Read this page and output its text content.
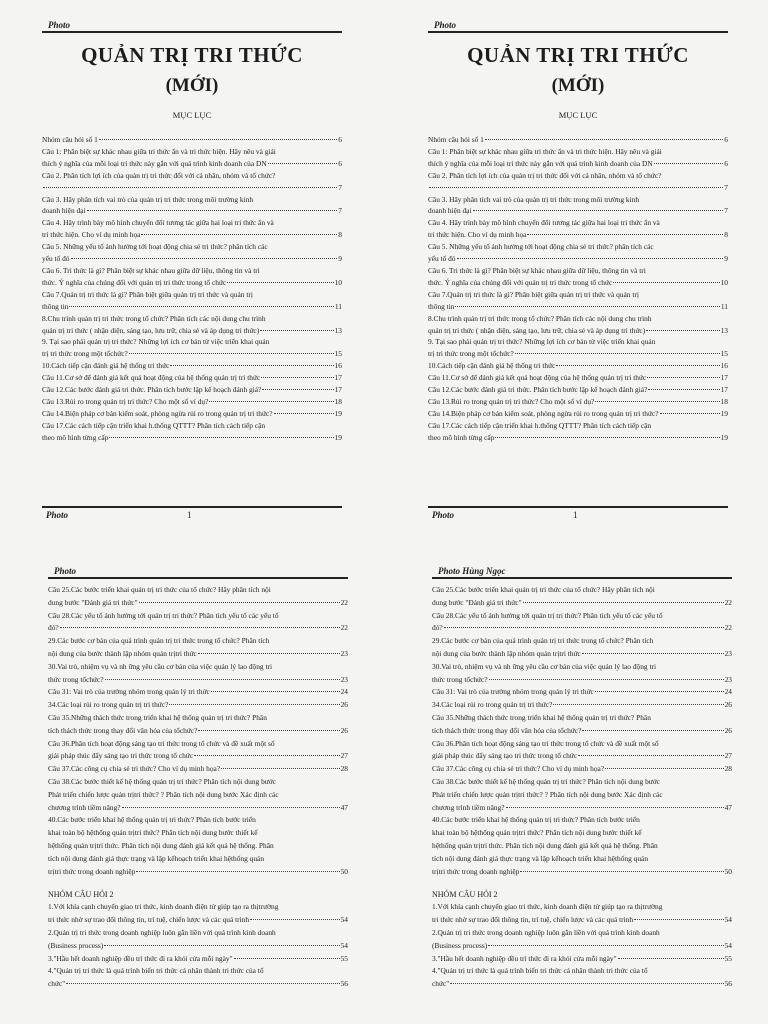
Photo
QUẢN TRỊ TRI THỨC
(MỚI)
MỤC LỤC
Nhóm câu hỏi số 1	6
Câu 1: Phân biệt sự khác nhau giữa tri thức ẩn và tri thức hiện. Hãy nêu và giải
thích ý nghĩa của mỗi loại tri thức này gắn với quá trình kinh doanh của DN	6
Câu 2. Phân tích lợi ích của quản trị tri thức đối với cá nhân, nhóm và tổ chức?
7
Câu 3. Hãy phân tích vai trò của quản trị tri thức trong môi trường kinh
doanh hiện đại	7
Câu 4. Hãy trình bày mô hình chuyển đổi tương tác giữa hai loại tri thức ẩn và
tri thức hiện. Cho ví dụ minh họa	8
Câu 5. Những yếu tố ảnh hưởng tới hoạt động chia sẻ tri thức? phân tích các
yếu tố đó	9
Câu 6. Tri thức là gì? Phân biệt sự khác nhau giữa dữ liệu, thông tin và tri
thức. Ý nghĩa của chúng đối với quản trị tri thức trong tổ chức	10
Câu 7.Quản trị tri thức là gì? Phân biệt giữa quản trị tri thức và quản trị
thông tin	11
8.Chu trình quản trị tri thức trong tổ chức? Phân tích các nội dung chu trình
quản trị tri thức ( nhận diện, sáng tạo, lưu trữ, chia sẻ và áp dụng tri thức)	13
9. Tại sao phải quản trị tri thức? Những lợi ích cơ bản từ việc triển khai quản
trị tri thức trong một tổchức?	15
10.Cách tiếp cận đánh giá hệ thống tri thức	16
Câu 11.Cơ sở để đánh giá kết quả hoạt động của hệ thống quản trị tri thức	17
Câu 12.Các bước đánh giá tri thức. Phân tích bước lập kế hoạch đánh giá?	17
Câu 13.Rủi ro trong quản trị tri thức? Cho một số ví dụ?	18
Câu 14.Biện pháp cơ bản kiểm soát, phòng ngừa rủi ro trong quản trị tri thức?	19
Câu 17.Các cách tiếp cận triển khai h.thống QTTT? Phân tích cách tiếp cận
theo mô hình từng cấp	19
Photo	1
Photo
QUẢN TRỊ TRI THỨC
(MỚI)
MỤC LỤC
Nhóm câu hỏi số 1	6
Câu 1: Phân biệt sự khác nhau giữa tri thức ẩn và tri thức hiện. Hãy nêu và giải
thích ý nghĩa của mỗi loại tri thức này gắn với quá trình kinh doanh của DN	6
Câu 2. Phân tích lợi ích của quản trị tri thức đối với cá nhân, nhóm và tổ chức?
7
Câu 3. Hãy phân tích vai trò của quản trị tri thức trong môi trường kinh
doanh hiện đại	7
Câu 4. Hãy trình bày mô hình chuyển đổi tương tác giữa hai loại tri thức ẩn và
tri thức hiện. Cho ví dụ minh họa	8
Câu 5. Những yếu tố ảnh hưởng tới hoạt động chia sẻ tri thức? phân tích các
yếu tố đó	9
Câu 6. Tri thức là gì? Phân biệt sự khác nhau giữa dữ liệu, thông tin và tri
thức. Ý nghĩa của chúng đối với quản trị tri thức trong tổ chức	10
Câu 7.Quản trị tri thức là gì? Phân biệt giữa quản trị tri thức và quản trị
thông tin	11
8.Chu trình quản trị tri thức trong tổ chức? Phân tích các nội dung chu trình
quản trị tri thức ( nhận diện, sáng tạo, lưu trữ, chia sẻ và áp dụng tri thức)	13
9. Tại sao phải quản trị tri thức? Những lợi ích cơ bản từ việc triển khai quản
trị tri thức trong một tổchức?	15
10.Cách tiếp cận đánh giá hệ thống tri thức	16
Câu 11.Cơ sở để đánh giá kết quả hoạt động của hệ thống quản trị tri thức	17
Câu 12.Các bước đánh giá tri thức. Phân tích bước lập kế hoạch đánh giá?	17
Câu 13.Rủi ro trong quản trị tri thức? Cho một số ví dụ?	18
Câu 14.Biện pháp cơ bản kiểm soát, phòng ngừa rủi ro trong quản trị tri thức?	19
Câu 17.Các cách tiếp cận triển khai h.thống QTTT? Phân tích cách tiếp cận
theo mô hình từng cấp	19
Photo	1
Photo
Câu 25.Các bước triển khai quản trị tri thức của tổ chức? Hãy phân tích nội
dung bước "Đánh giá tri thức"	22
Câu 28.Các yếu tố ảnh hưởng tới quản trị tri thức? Phân tích yếu tố các yếu tố
đó?	22
29.Các bước cơ bản của quá trình quản trị tri thức trong tổ chức? Phân tích
nội dung của bước thành lập nhóm quản trịtri thức	23
30.Vai trò, nhiệm vụ và nh ững yêu cầu cơ bản của việc quản lý lao động tri
thức trong tổchức?	23
Câu 31: Vai trò của trưởng nhóm trong quản lý tri thức	24
34.Các loại rủi ro trong quản trị tri thức?	26
Câu 35.Những thách thức trong triển khai hệ thống quản trị tri thức? Phân
tích thách thức trong thay đổi văn hóa của tổchức?	26
Câu 36.Phân tích hoạt động sáng tạo tri thức trong tổ chức và đề xuất một số
giải pháp thúc đẩy sáng tạo tri thức trong tổ chức	27
Câu 37.Các công cụ chia sẻ tri thức? Cho ví dụ minh họa?	28
Câu 38.Các bước thiết kế hệ thống quản trị tri thức? Phân tích nội dung bước
Phát triển chiến lược quản trịtri thức? ? Phân tích nội dung bước Xác định các
chương trình tiềm năng?	47
40.Các bước triển khai hệ thống quản trị tri thức? Phân tích bước triển
khai toàn bộ hệthống quản trịtri thức? Phân tích nội dung bước thiết kế
hệthống quản trịtri thức. Phân tích nội dung đánh giá kết quả hệ thống. Phân
tích nội dung đánh giá thực trạng và lập kếhoạch triển khai hệthống quản
trịtri thức trong doanh nghiệp	50
NHÓM CÂU HỎI 2
1.Với khía cạnh chuyển giao tri thức, kinh doanh điện tử giúp tạo ra thịtrường
tri thức nhờ sự trao đổi thông tin, trí tuệ, chiến lược và các quá trình	54
2.Quản trị tri thức trong doanh nghiệp luôn gắn liền với quá trình kinh doanh
(Business process)	54
3."Hầu hết doanh nghiệp đều trì thức đi ra khỏi cửa mỗi ngày"	55
4."Quản trị tri thức là quá trình biến tri thức cá nhân thành tri thức của tổ
chức"	56
Photo Hùng Ngọc
Câu 25.Các bước triển khai quản trị tri thức của tổ chức? Hãy phân tích nội
dung bước "Đánh giá tri thức"	22
Câu 28.Các yếu tố ảnh hưởng tới quản trị tri thức? Phân tích yếu tố các yếu tố
đó?	22
29.Các bước cơ bản của quá trình quản trị tri thức trong tổ chức? Phân tích
nội dung của bước thành lập nhóm quản trịtri thức	23
30.Vai trò, nhiệm vụ và nh ững yêu cầu cơ bản của việc quản lý lao động tri
thức trong tổchức?	23
Câu 31: Vai trò của trưởng nhóm trong quản lý tri thức	24
34.Các loại rủi ro trong quản trị tri thức?	26
Câu 35.Những thách thức trong triển khai hệ thống quản trị tri thức? Phân
tích thách thức trong thay đổi văn hóa của tổchức?	26
Câu 36.Phân tích hoạt động sáng tạo tri thức trong tổ chức và đề xuất một số
giải pháp thúc đẩy sáng tạo tri thức trong tổ chức	27
Câu 37.Các công cụ chia sẻ tri thức? Cho ví dụ minh họa?	28
Câu 38.Các bước thiết kế hệ thống quản trị tri thức? Phân tích nội dung bước
Phát triển chiến lược quản trịtri thức? ? Phân tích nội dung bước Xác định các
chương trình tiềm năng?	47
40.Các bước triển khai hệ thống quản trị tri thức? Phân tích bước triển
khai toàn bộ hệthống quản trịtri thức? Phân tích nội dung bước thiết kế
hệthống quản trịtri thức. Phân tích nội dung đánh giá kết quả hệ thống. Phân
tích nội dung đánh giá thực trạng và lập kếhoạch triển khai hệthống quản
trịtri thức trong doanh nghiệp	50
NHÓM CÂU HỎI 2
1.Với khía cạnh chuyển giao tri thức, kinh doanh điện tử giúp tạo ra thịtrường
tri thức nhờ sự trao đổi thông tin, trí tuệ, chiến lược và các quá trình	54
2.Quản trị tri thức trong doanh nghiệp luôn gắn liền với quá trình kinh doanh
(Business process)	54
3."Hầu hết doanh nghiệp đều trì thức đi ra khỏi cửa mỗi ngày"	55
4."Quản trị tri thức là quá trình biến tri thức cá nhân thành tri thức của tổ
chức"	56
